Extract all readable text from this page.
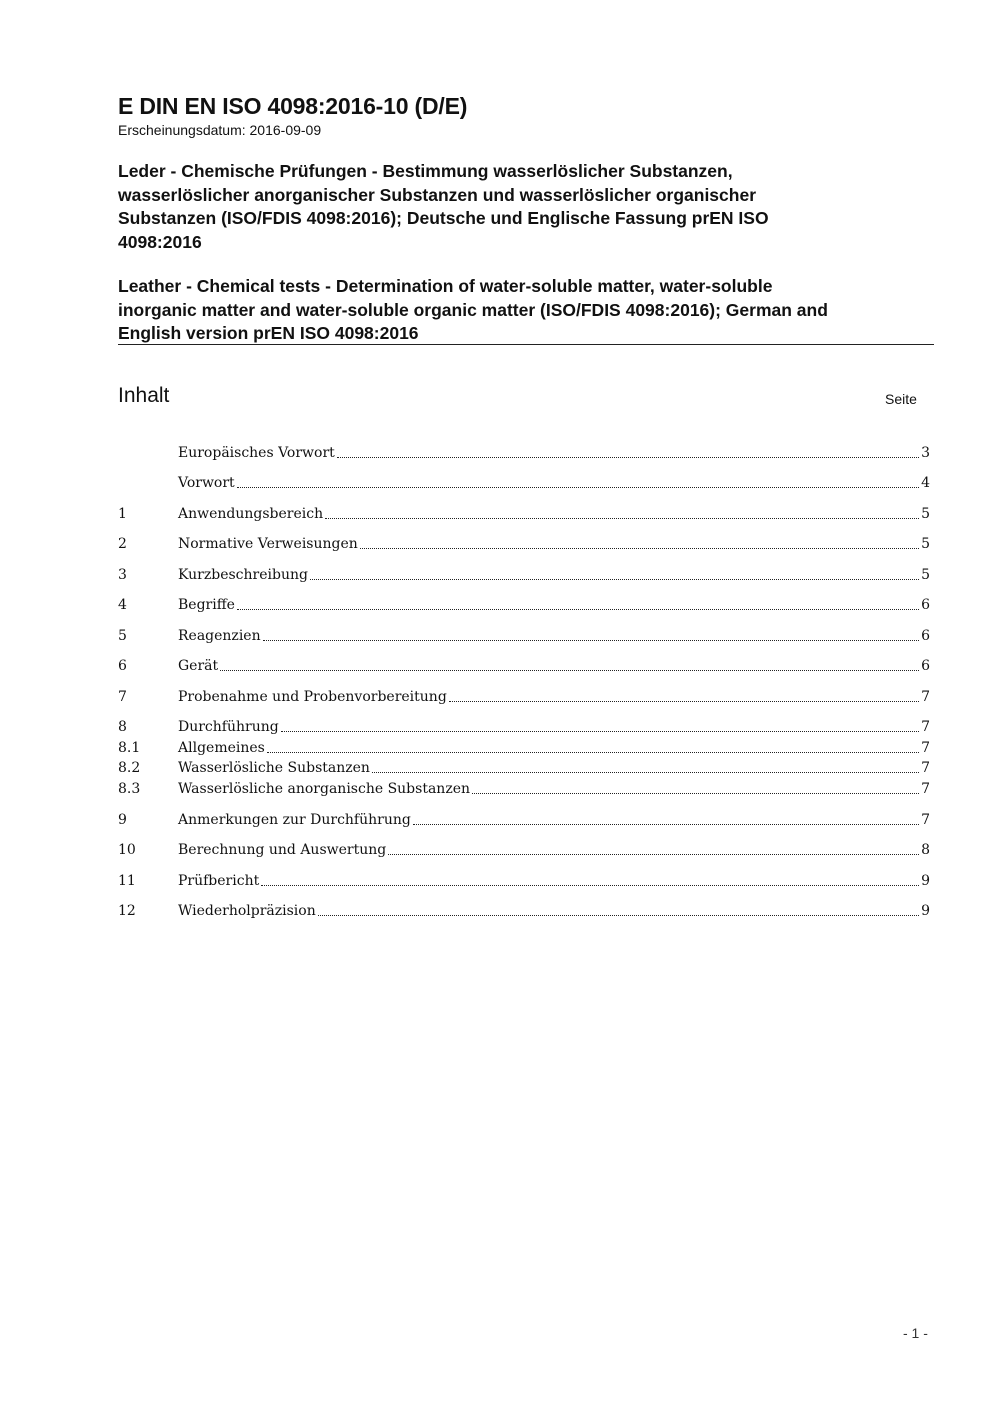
E DIN EN ISO 4098:2016-10 (D/E)
Erscheinungsdatum: 2016-09-09
Leder - Chemische Prüfungen - Bestimmung wasserlöslicher Substanzen,
wasserlöslicher anorganischer Substanzen und wasserlöslicher organischer
Substanzen (ISO/FDIS 4098:2016); Deutsche und Englische Fassung prEN ISO
4098:2016
Leather - Chemical tests - Determination of water-soluble matter, water-soluble
inorganic matter and water-soluble organic matter (ISO/FDIS 4098:2016); German and
English version prEN ISO 4098:2016
Inhalt	Seite
Europäisches Vorwort	3
Vorwort	4
1	Anwendungsbereich	5
2	Normative Verweisungen	5
3	Kurzbeschreibung	5
4	Begriffe	6
5	Reagenzien	6
6	Gerät	6
7	Probenahme und Probenvorbereitung	7
8	Durchführung	7
8.1	Allgemeines	7
8.2	Wasserlösliche Substanzen	7
8.3	Wasserlösliche anorganische Substanzen	7
9	Anmerkungen zur Durchführung	7
10	Berechnung und Auswertung	8
11	Prüfbericht	9
12	Wiederholpräzision	9
- 1 -
